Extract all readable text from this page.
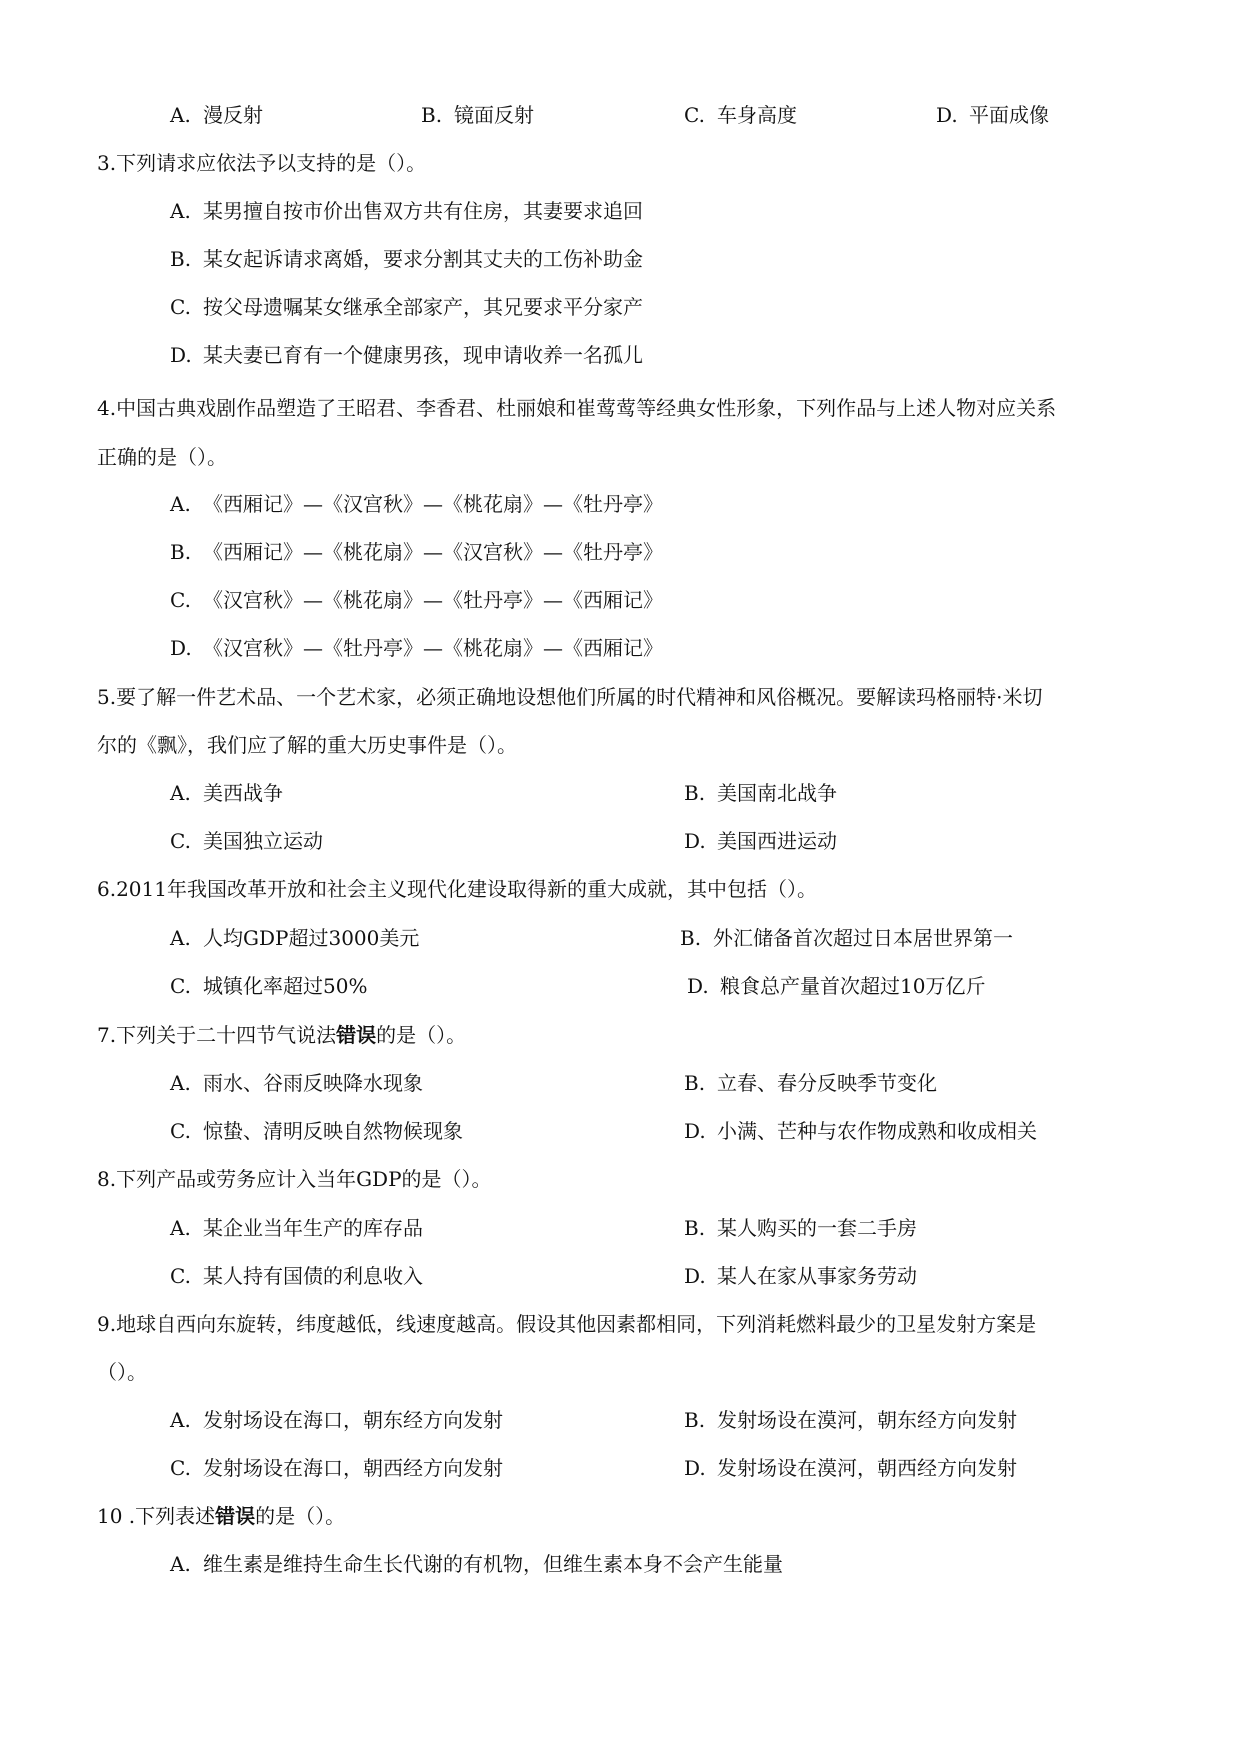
A. 漫反射	B. 镜面反射	C. 车身高度	D. 平面成像
3.下列请求应依法予以支持的是（）。
A. 某男擅自按市价出售双方共有住房，其妻要求追回
B. 某女起诉请求离婚，要求分割其丈夫的工伤补助金
C. 按父母遗嘱某女继承全部家产，其兄要求平分家产
D. 某夫妻已育有一个健康男孩，现申请收养一名孤儿
4.中国古典戏剧作品塑造了王昭君、李香君、杜丽娘和崔莺莺等经典女性形象，下列作品与上述人物对应关系
正确的是（）。
A. 《西厢记》—《汉宫秋》—《桃花扇》—《牡丹亭》
B. 《西厢记》—《桃花扇》—《汉宫秋》—《牡丹亭》
C. 《汉宫秋》—《桃花扇》—《牡丹亭》—《西厢记》
D. 《汉宫秋》—《牡丹亭》—《桃花扇》—《西厢记》
5.要了解一件艺术品、一个艺术家，必须正确地设想他们所属的时代精神和风俗概况。要解读玛格丽特·米切
尔的《飘》，我们应了解的重大历史事件是（）。
A. 美西战争	B. 美国南北战争
C. 美国独立运动	D. 美国西进运动
6.2011年我国改革开放和社会主义现代化建设取得新的重大成就，其中包括（）。
A. 人均GDP超过3000美元	B. 外汇储备首次超过日本居世界第一
C. 城镇化率超过50%	D. 粮食总产量首次超过10万亿斤
7.下列关于二十四节气说法错误的是（）。
A. 雨水、谷雨反映降水现象	B. 立春、春分反映季节变化
C. 惊蛰、清明反映自然物候现象	D. 小满、芒种与农作物成熟和收成相关
8.下列产品或劳务应计入当年GDP的是（）。
A. 某企业当年生产的库存品	B. 某人购买的一套二手房
C. 某人持有国债的利息收入	D. 某人在家从事家务劳动
9.地球自西向东旋转，纬度越低，线速度越高。假设其他因素都相同，下列消耗燃料最少的卫星发射方案是
（）。
A. 发射场设在海口，朝东经方向发射	B. 发射场设在漠河，朝东经方向发射
C. 发射场设在海口，朝西经方向发射	D. 发射场设在漠河，朝西经方向发射
10 .下列表述错误的是（）。
A. 维生素是维持生命生长代谢的有机物，但维生素本身不会产生能量
